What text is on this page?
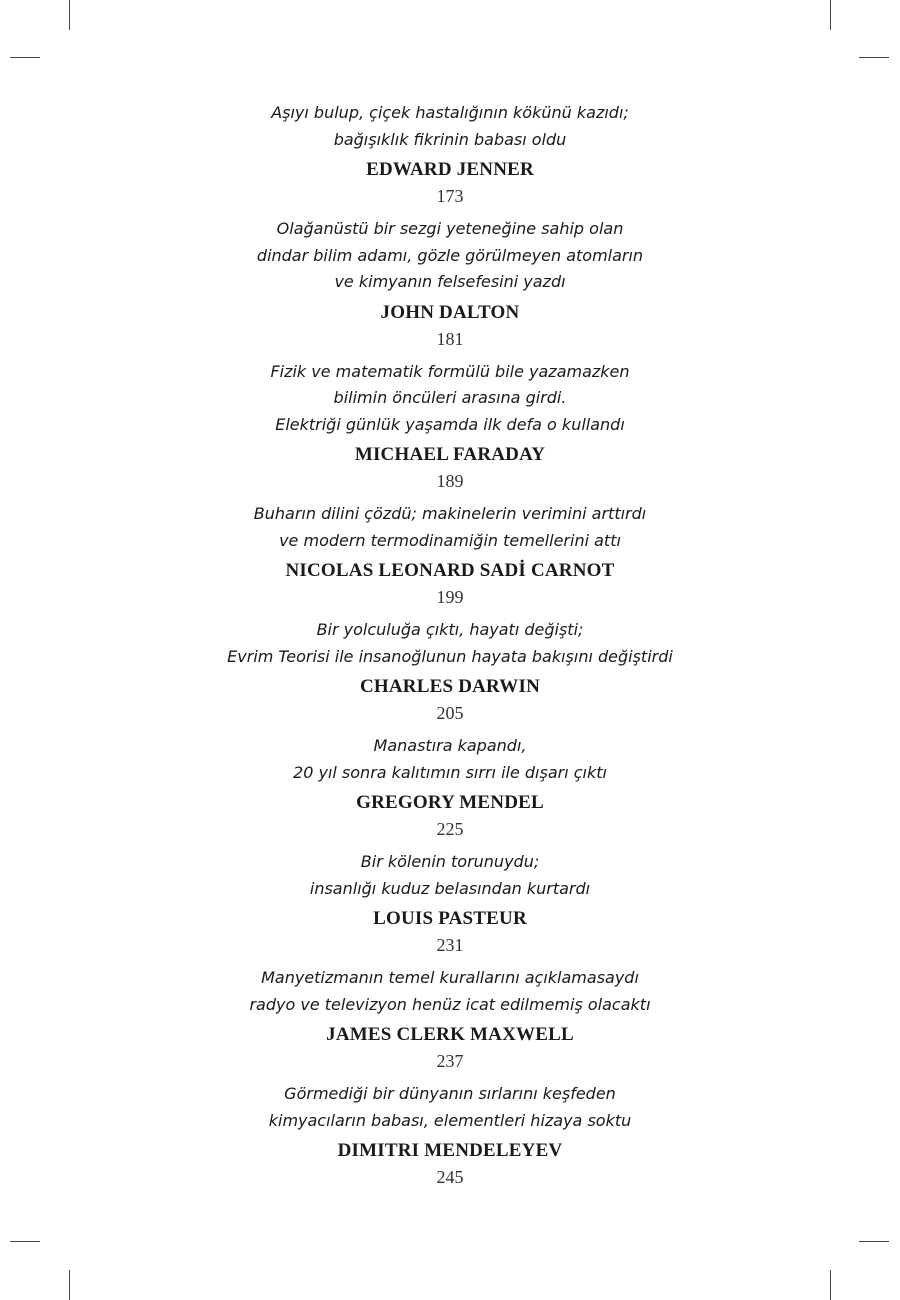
Aşıyı bulup, çiçek hastalığının kökünü kazıdı;
bağışıklık fikrinin babası oldu

EDWARD JENNER

173

Olağanüstü bir sezgi yeteneğine sahip olan
dindar bilim adamı, gözle görülmeyen atomların
ve kimyanın felsefesini yazdı

JOHN DALTON

181

Fizik ve matematik formülü bile yazamazken
bilimin öncüleri arasına girdi.
Elektriği günlük yaşamda ilk defa o kullandı

MICHAEL FARADAY

189

Buharın dilini çözdü; makinelerin verimini arttırdı
ve modern termodinamiğin temellerini attı

NICOLAS LEONARD SADİ CARNOT

199

Bir yolculuğa çıktı, hayatı değişti;
Evrim Teorisi ile insanoğlunun hayata bakışını değiştirdi

CHARLES DARWIN

205

Manastıra kapandı,
20 yıl sonra kalıtımın sırrı ile dışarı çıktı

GREGORY MENDEL

225

Bir kölenin torunuydu;
insanlığı kuduz belasından kurtardı

LOUIS PASTEUR

231

Manyetizmanın temel kurallarını açıklamasaydı
radyo ve televizyon henüz icat edilmemiş olacaktı

JAMES CLERK MAXWELL

237

Görmediği bir dünyanın sırlarını keşfeden
kimyacıların babası, elementleri hizaya soktu

DIMITRI MENDELEYEV

245
